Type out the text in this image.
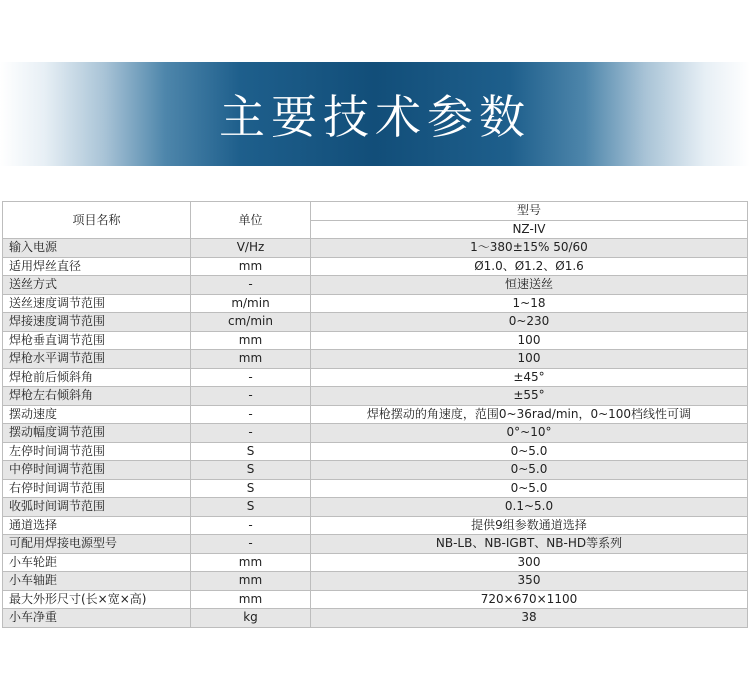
主要技术参数
项目名称	单位	型号
		NZ-IV
输入电源	V/Hz	1～380±15% 50/60
适用焊丝直径	mm	Ø1.0、Ø1.2、Ø1.6
送丝方式	-	恒速送丝
送丝速度调节范围	m/min	1~18
焊接速度调节范围	cm/min	0~230
焊枪垂直调节范围	mm	100
焊枪水平调节范围	mm	100
焊枪前后倾斜角	-	±45°
焊枪左右倾斜角	-	±55°
摆动速度	-	焊枪摆动的角速度，范围0~36rad/min，0~100档线性可调
摆动幅度调节范围	-	0°~10°
左停时间调节范围	S	0~5.0
中停时间调节范围	S	0~5.0
右停时间调节范围	S	0~5.0
收弧时间调节范围	S	0.1~5.0
通道选择	-	提供9组参数通道选择
可配用焊接电源型号	-	NB-LB、NB-IGBT、NB-HD等系列
小车轮距	mm	300
小车轴距	mm	350
最大外形尺寸(长×宽×高)	mm	720×670×1100
小车净重	kg	38
